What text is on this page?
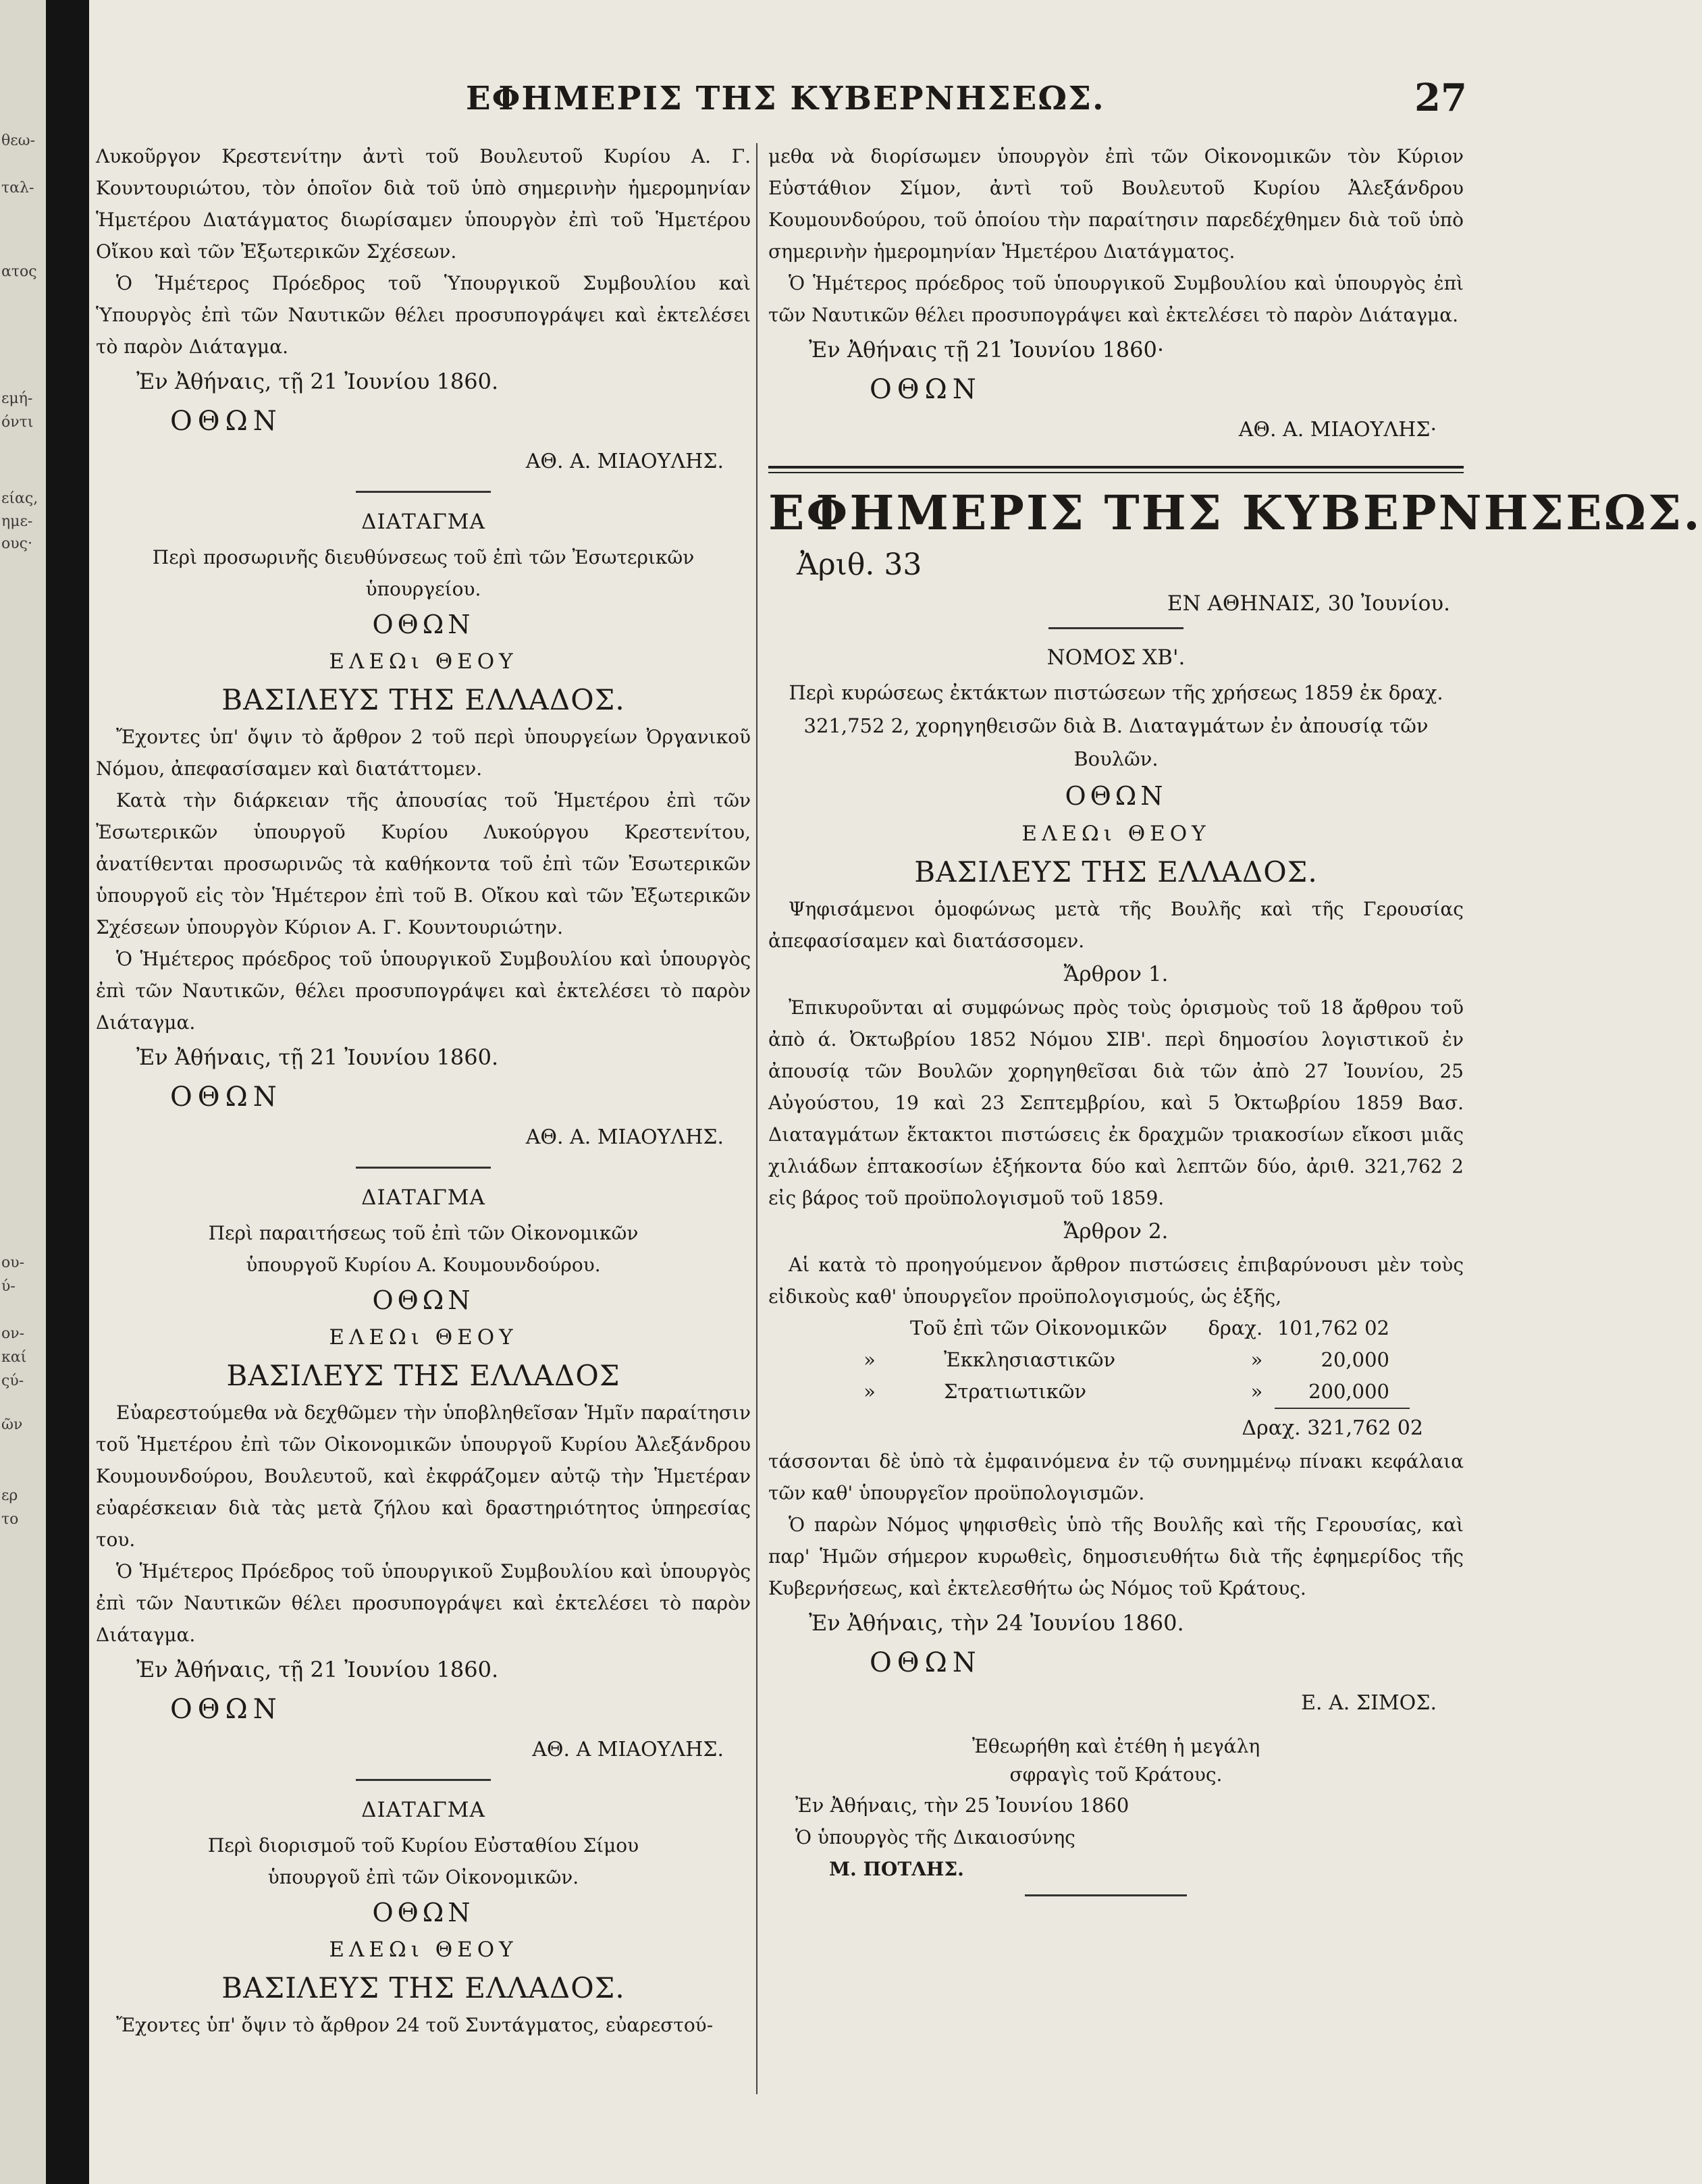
θεω-
ταλ-
ατος
εμή-
όντι
είας,
ημε-
ους·
ου-
ύ-
ον-
καί
ςύ-
ῶν
ερ
το
ΕΦΗΜΕΡΙΣ ΤΗΣ ΚΥΒΕΡΝΗΣΕΩΣ.	27

Λυκοῦργον Κρεστενίτην ἀντὶ τοῦ Βουλευτοῦ Κυρίου Α. Γ. Κουντουριώτου, τὸν ὁποῖον διὰ τοῦ ὑπὸ σημερινὴν ἡμερομηνίαν Ἡμετέρου Διατάγματος διωρίσαμεν ὑπουργὸν ἐπὶ τοῦ Ἡμετέρου Οἴκου καὶ τῶν Ἐξωτερικῶν Σχέσεων.

Ὁ Ἡμέτερος Πρόεδρος τοῦ Ὑπουργικοῦ Συμβουλίου καὶ Ὑπουργὸς ἐπὶ τῶν Ναυτικῶν θέλει προσυπογράψει καὶ ἐκτελέσει τὸ παρὸν Διάταγμα.

Ἐν Ἀθήναις, τῇ 21 Ἰουνίου 1860.

ΟΘΩΝ

ΑΘ. Α. ΜΙΑΟΥΛΗΣ.

ΔΙΑΤΑΓΜΑ

Περὶ προσωρινῆς διευθύνσεως τοῦ ἐπὶ τῶν Ἐσωτερικῶν ὑπουργείου.

ΟΘΩΝ

ΕΛΕΩι ΘΕΟΥ

ΒΑΣΙΛΕΥΣ ΤΗΣ ΕΛΛΑΔΟΣ.

Ἔχοντες ὑπ' ὄψιν τὸ ἄρθρον 2 τοῦ περὶ ὑπουργείων Ὀργανικοῦ Νόμου, ἀπεφασίσαμεν καὶ διατάττομεν.

Κατὰ τὴν διάρκειαν τῆς ἀπουσίας τοῦ Ἡμετέρου ἐπὶ τῶν Ἐσωτερικῶν ὑπουργοῦ Κυρίου Λυκούργου Κρεστενίτου, ἀνατίθενται προσωρινῶς τὰ καθήκοντα τοῦ ἐπὶ τῶν Ἐσωτερικῶν ὑπουργοῦ εἰς τὸν Ἡμέτερον ἐπὶ τοῦ Β. Οἴκου καὶ τῶν Ἐξωτερικῶν Σχέσεων ὑπουργὸν Κύριον Α. Γ. Κουντουριώτην.

Ὁ Ἡμέτερος πρόεδρος τοῦ ὑπουργικοῦ Συμβουλίου καὶ ὑπουργὸς ἐπὶ τῶν Ναυτικῶν, θέλει προσυπογράψει καὶ ἐκτελέσει τὸ παρὸν Διάταγμα.

Ἐν Ἀθήναις, τῇ 21 Ἰουνίου 1860.

ΟΘΩΝ

ΑΘ. Α. ΜΙΑΟΥΛΗΣ.

ΔΙΑΤΑΓΜΑ

Περὶ παραιτήσεως τοῦ ἐπὶ τῶν Οἰκονομικῶν ὑπουργοῦ Κυρίου Α. Κουμουνδούρου.

ΟΘΩΝ

ΕΛΕΩι ΘΕΟΥ

ΒΑΣΙΛΕΥΣ ΤΗΣ ΕΛΛΑΔΟΣ

Εὐαρεστούμεθα νὰ δεχθῶμεν τὴν ὑποβληθεῖσαν Ἡμῖν παραίτησιν τοῦ Ἡμετέρου ἐπὶ τῶν Οἰκονομικῶν ὑπουργοῦ Κυρίου Ἀλεξάνδρου Κουμουνδούρου, Βουλευτοῦ, καὶ ἐκφράζομεν αὐτῷ τὴν Ἡμετέραν εὐαρέσκειαν διὰ τὰς μετὰ ζήλου καὶ δραστηριότητος ὑπηρεσίας του.

Ὁ Ἡμέτερος Πρόεδρος τοῦ ὑπουργικοῦ Συμβουλίου καὶ ὑπουργὸς ἐπὶ τῶν Ναυτικῶν θέλει προσυπογράψει καὶ ἐκτελέσει τὸ παρὸν Διάταγμα.

Ἐν Ἀθήναις, τῇ 21 Ἰουνίου 1860.

ΟΘΩΝ

ΑΘ. Α ΜΙΑΟΥΛΗΣ.

ΔΙΑΤΑΓΜΑ

Περὶ διορισμοῦ τοῦ Κυρίου Εὐσταθίου Σίμου ὑπουργοῦ ἐπὶ τῶν Οἰκονομικῶν.

ΟΘΩΝ

ΕΛΕΩι ΘΕΟΥ

ΒΑΣΙΛΕΥΣ ΤΗΣ ΕΛΛΑΔΟΣ.

Ἔχοντες ὑπ' ὄψιν τὸ ἄρθρον 24 τοῦ Συντάγματος, εὐαρεστού-

μεθα νὰ διορίσωμεν ὑπουργὸν ἐπὶ τῶν Οἰκονομικῶν τὸν Κύριον Εὐστάθιον Σίμον, ἀντὶ τοῦ Βουλευτοῦ Κυρίου Ἀλεξάνδρου Κουμουνδούρου, τοῦ ὁποίου τὴν παραίτησιν παρεδέχθημεν διὰ τοῦ ὑπὸ σημερινὴν ἡμερομηνίαν Ἡμετέρου Διατάγματος.

Ὁ Ἡμέτερος πρόεδρος τοῦ ὑπουργικοῦ Συμβουλίου καὶ ὑπουργὸς ἐπὶ τῶν Ναυτικῶν θέλει προσυπογράψει καὶ ἐκτελέσει τὸ παρὸν Διάταγμα.

Ἐν Ἀθήναις τῇ 21 Ἰουνίου 1860·

ΟΘΩΝ

ΑΘ. Α. ΜΙΑΟΥΛΗΣ·

ΕΦΗΜΕΡΙΣ ΤΗΣ ΚΥΒΕΡΝΗΣΕΩΣ.

Ἀριθ. 33

ΕΝ ΑΘΗΝΑΙΣ, 30 Ἰουνίου.

ΝΟΜΟΣ ΧΒ'.

Περὶ κυρώσεως ἐκτάκτων πιστώσεων τῆς χρήσεως 1859 ἐκ δραχ. 321,752 2, χορηγηθεισῶν διὰ Β. Διαταγμάτων ἐν ἀπουσίᾳ τῶν Βουλῶν.

ΟΘΩΝ

ΕΛΕΩι ΘΕΟΥ

ΒΑΣΙΛΕΥΣ ΤΗΣ ΕΛΛΑΔΟΣ.

Ψηφισάμενοι ὁμοφώνως μετὰ τῆς Βουλῆς καὶ τῆς Γερουσίας ἀπεφασίσαμεν καὶ διατάσσομεν.

Ἄρθρον 1.

Ἐπικυροῦνται αἱ συμφώνως πρὸς τοὺς ὁρισμοὺς τοῦ 18 ἄρθρου τοῦ ἀπὸ ά. Ὀκτωβρίου 1852 Νόμου ΣΙΒ'. περὶ δημοσίου λογιστικοῦ ἐν ἀπουσίᾳ τῶν Βουλῶν χορηγηθεῖσαι διὰ τῶν ἀπὸ 27 Ἰουνίου, 25 Αὐγούστου, 19 καὶ 23 Σεπτεμβρίου, καὶ 5 Ὀκτωβρίου 1859 Βασ. Διαταγμάτων ἔκτακτοι πιστώσεις ἐκ δραχμῶν τριακοσίων εἴκοσι μιᾶς χιλιάδων ἑπτακοσίων ἑξήκοντα δύο καὶ λεπτῶν δύο, ἀριθ. 321,762 2 εἰς βάρος τοῦ προϋπολογισμοῦ τοῦ 1859.

Ἄρθρον 2.

Αἱ κατὰ τὸ προηγούμενον ἄρθρον πιστώσεις ἐπιβαρύνουσι μὲν τοὺς εἰδικοὺς καθ' ὑπουργεῖον προϋπολογισμούς, ὡς ἑξῆς,

	Τοῦ ἐπὶ τῶν Οἰκονομικῶν	δραχ.	101,762 02
»	Ἐκκλησιαστικῶν	»	20,000
»	Στρατιωτικῶν	»	200,000

Δραχ. 321,762 02

τάσσονται δὲ ὑπὸ τὰ ἐμφαινόμενα ἐν τῷ συνημμένῳ πίνακι κεφάλαια τῶν καθ' ὑπουργεῖον προϋπολογισμῶν.

Ὁ παρὼν Νόμος ψηφισθεὶς ὑπὸ τῆς Βουλῆς καὶ τῆς Γερουσίας, καὶ παρ' Ἡμῶν σήμερον κυρωθεὶς, δημοσιευθήτω διὰ τῆς ἐφημερίδος τῆς Κυβερνήσεως, καὶ ἐκτελεσθήτω ὡς Νόμος τοῦ Κράτους.

Ἐν Ἀθήναις, τὴν 24 Ἰουνίου 1860.

ΟΘΩΝ

Ε. Α. ΣΙΜΟΣ.

Ἐθεωρήθη καὶ ἐτέθη ἡ μεγάλη

σφραγὶς τοῦ Κράτους.

Ἐν Ἀθήναις, τὴν 25 Ἰουνίου 1860

Ὁ ὑπουργὸς τῆς Δικαιοσύνης

Μ. ΠΟΤΛΗΣ.
